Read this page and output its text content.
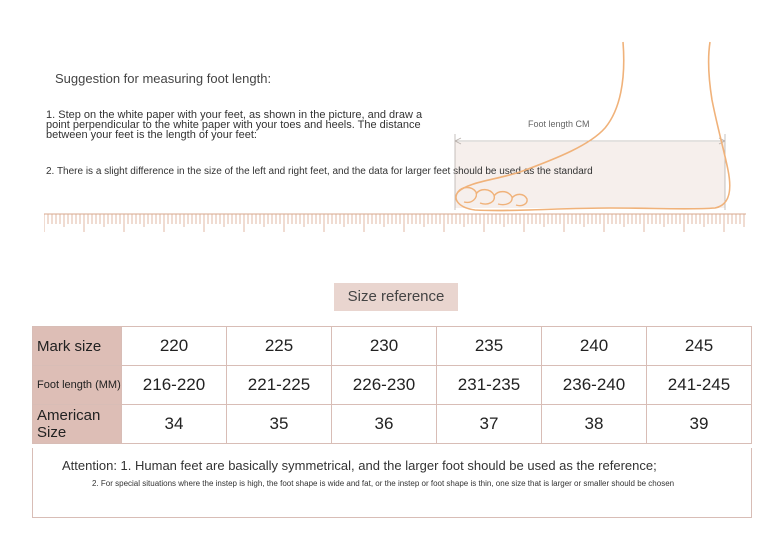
Suggestion for measuring foot length:
1. Step on the white paper with your feet, as shown in the picture, and draw a point perpendicular to the white paper with your toes and heels. The distance between your feet is the length of your feet:
2. There is a slight difference in the size of the left and right feet, and the data for larger feet should be used as the standard
Foot length CM
Size reference
Mark size	220	225	230	235	240	245
Foot length (MM)	216-220	221-225	226-230	231-235	236-240	241-245
American Size	34	35	36	37	38	39
Attention: 1. Human feet are basically symmetrical, and the larger foot should be used as the reference;
2. For special situations where the instep is high, the foot shape is wide and fat, or the instep or foot shape is thin, one size that is larger or smaller should be chosen
